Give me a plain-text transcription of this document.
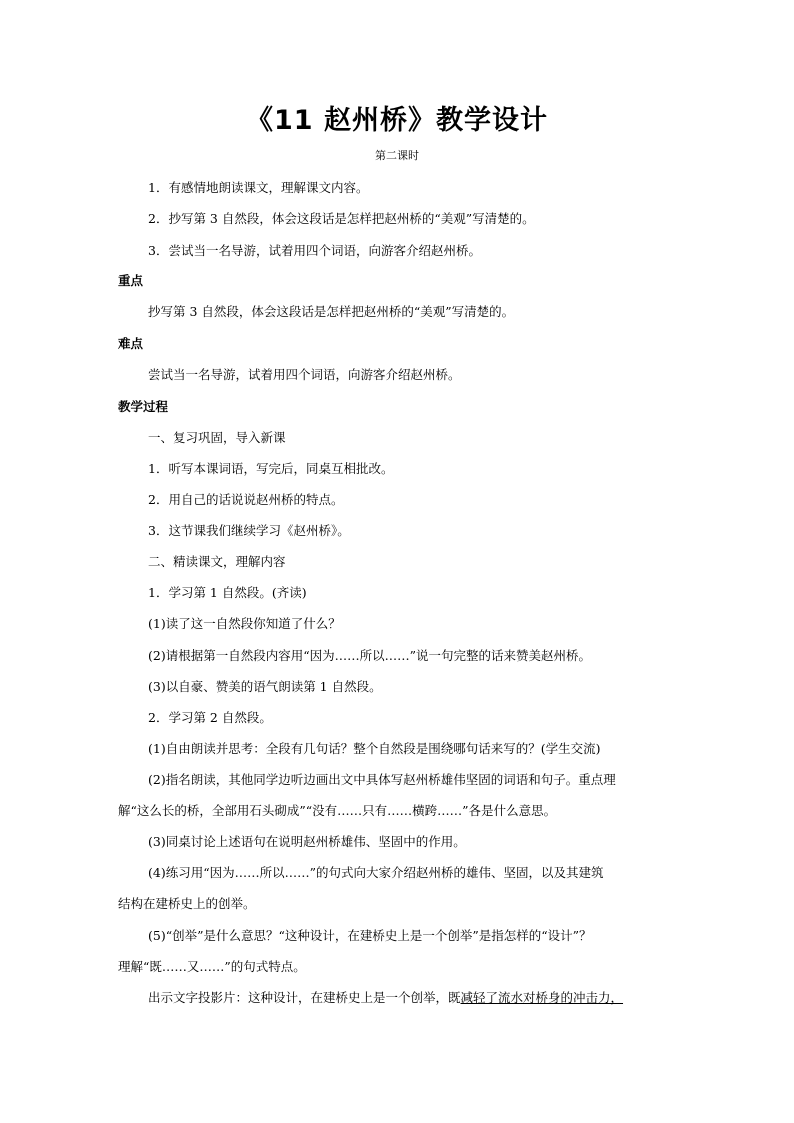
《11 赵州桥》教学设计
第二课时
1．有感情地朗读课文，理解课文内容。
2．抄写第 3 自然段，体会这段话是怎样把赵州桥的“美观”写清楚的。
3．尝试当一名导游，试着用四个词语，向游客介绍赵州桥。
重点
抄写第 3 自然段，体会这段话是怎样把赵州桥的“美观”写清楚的。
难点
尝试当一名导游，试着用四个词语，向游客介绍赵州桥。
教学过程
一、复习巩固，导入新课
1．听写本课词语，写完后，同桌互相批改。
2．用自己的话说说赵州桥的特点。
3．这节课我们继续学习《赵州桥》。
二、精读课文，理解内容
1．学习第 1 自然段。(齐读)
(1)读了这一自然段你知道了什么？
(2)请根据第一自然段内容用“因为……所以……”说一句完整的话来赞美赵州桥。
(3)以自豪、赞美的语气朗读第 1 自然段。
2．学习第 2 自然段。
(1)自由朗读并思考：全段有几句话？整个自然段是围绕哪句话来写的？(学生交流)
(2)指名朗读，其他同学边听边画出文中具体写赵州桥雄伟坚固的词语和句子。重点理
解“这么长的桥，全部用石头砌成”“没有……只有……横跨……”各是什么意思。
(3)同桌讨论上述语句在说明赵州桥雄伟、坚固中的作用。
(4)练习用“因为……所以……”的句式向大家介绍赵州桥的雄伟、坚固，以及其建筑
结构在建桥史上的创举。
(5)“创举”是什么意思？“这种设计，在建桥史上是一个创举”是指怎样的“设计”？
理解“既……又……”的句式特点。
出示文字投影片：这种设计，在建桥史上是一个创举，既减轻了流水对桥身的冲击力，
